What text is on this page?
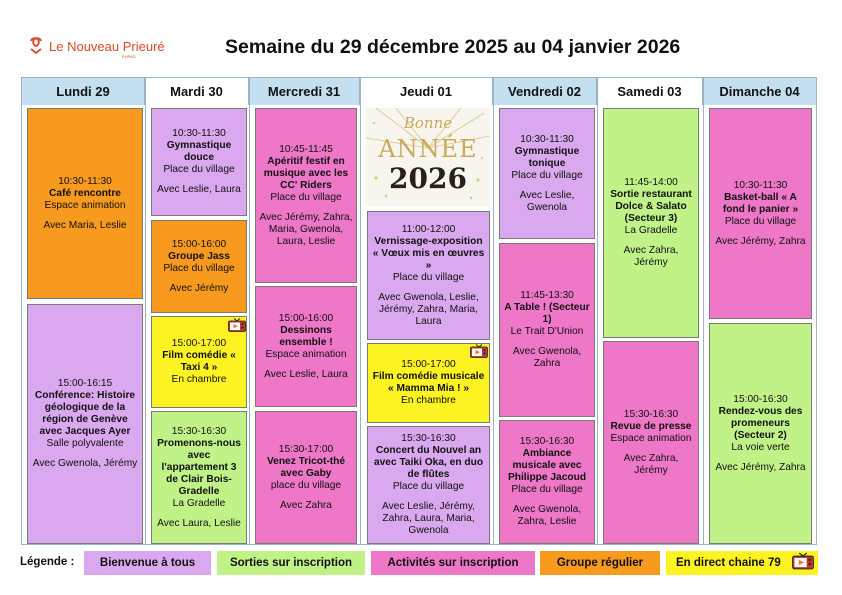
Le Nouveau Prieuré
EHPAD	Semaine du 29 décembre 2025 au 04 janvier 2026
Lundi 29	Mardi 30	Mercredi 31	Jeudi 01	Vendredi 02	Samedi 03	Dimanche 04
10:30-11:30
Café rencontre
Espace animation
Avec Maria, Leslie
15:00-16:15
Conférence: Histoire géologique de la région de Genève avec Jacques Ayer
Salle polyvalente
Avec Gwenola, Jérémy
10:30-11:30
Gymnastique douce
Place du village
Avec Leslie, Laura
15:00-16:00
Groupe Jass
Place du village
Avec Jérémy
15:00-17:00
Film comédie « Taxi 4 »
En chambre
15:30-16:30
Promenons-nous avec l'appartement 3 de Clair Bois-Gradelle
La Gradelle
Avec Laura, Leslie
10:45-11:45
Apéritif festif en musique avec les CC' Riders
Place du village
Avec Jérémy, Zahra, Maria, Gwenola, Laura, Leslie
15:00-16:00
Dessinons ensemble !
Espace animation
Avec Leslie, Laura
15:30-17:00
Venez Tricot-thé avec Gaby
place du village
Avec Zahra
Bonne
ANNÉE
2026
11:00-12:00
Vernissage-exposition « Vœux mis en œuvres »
Place du village
Avec Gwenola, Leslie, Jérémy, Zahra, Maria, Laura
15:00-17:00
Film comédie musicale « Mamma Mia ! »
En chambre
15:30-16:30
Concert du Nouvel an avec Taiki Oka, en duo de flûtes
Place du village
Avec Leslie, Jérémy, Zahra, Laura, Maria, Gwenola
10:30-11:30
Gymnastique tonique
Place du village
Avec Leslie, Gwenola
11:45-13:30
A Table ! (Secteur 1)
Le Trait D'Union
Avec Gwenola, Zahra
15:30-16:30
Ambiance musicale avec Philippe Jacoud
Place du village
Avec Gwenola, Zahra, Leslie
11:45-14:00
Sortie restaurant Dolce & Salato (Secteur 3)
La Gradelle
Avec Zahra, Jérémy
15:30-16:30
Revue de presse
Espace animation
Avec Zahra, Jérémy
10:30-11:30
Basket-ball « A fond le panier »
Place du village
Avec Jérémy, Zahra
15:00-16:30
Rendez-vous des promeneurs (Secteur 2)
La voie verte
Avec Jérémy, Zahra
Légende :	Bienvenue à tous	Sorties sur inscription	Activités sur inscription	Groupe régulier	En direct chaine 79
